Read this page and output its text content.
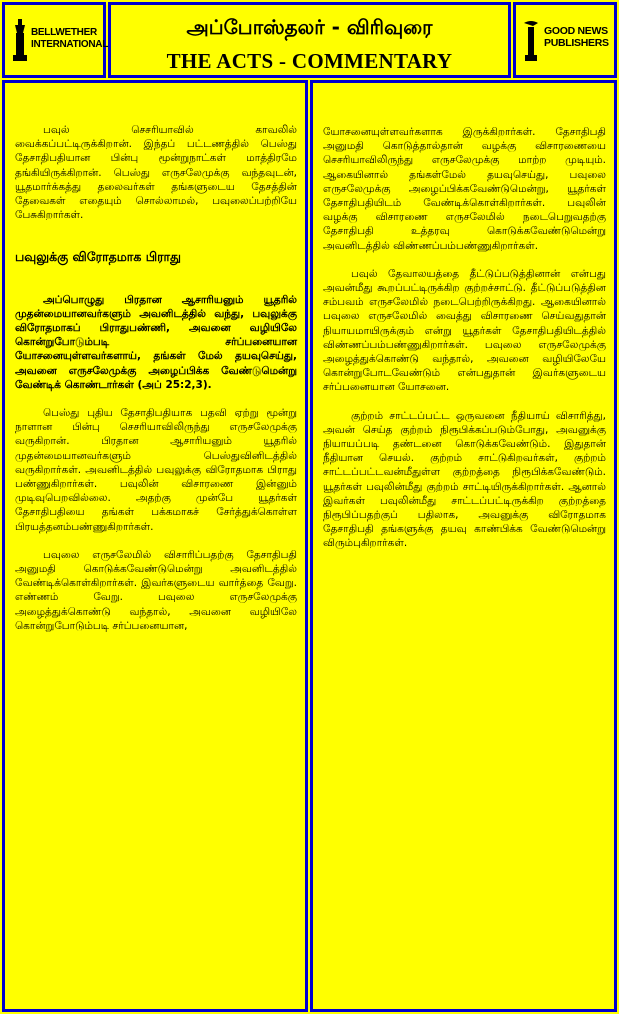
BELLWETHER
INTERNATIONAL
அப்போஸ்தலர் - விரிவுரை
THE ACTS - COMMENTARY
GOOD NEWS
PUBLISHERS

பவுல் செசரியாவில் காவலில் வைக்கப்பட்டிருக்கிறான். இந்தப் பட்டணத்தில் பெஸ்து தேசாதிபதியான பின்பு மூன்றுநாட்கள் மாத்திரமே தங்கியிருக்கிறான். பெஸ்து எருசலேமுக்கு வந்தவுடன், யூதமார்க்கத்து தலைவர்கள் தங்களுடைய தேசத்தின் தேவைகள் எதையும் சொல்லாமல், பவுலைப்பற்றியே பேசுகிறார்கள்.

பவுலுக்கு விரோதமாக பிராது

அப்பொழுது பிரதான ஆசாரியனும் யூதரில் முதன்மையானவர்களும் அவனிடத்தில் வந்து, பவுலுக்கு விரோதமாகப் பிராதுபண்ணி, அவனை வழியிலே கொன்றுபோடும்படி சர்ப்பனையான யோசனையுள்ளவர்களாய், தங்கள் மேல் தயவுசெய்து, அவனை எருசலேமுக்கு அழைப்பிக்க வேண்டுமென்று வேண்டிக் கொண்டார்கள் (அப் 25:2,3).

பெஸ்து புதிய தேசாதிபதியாக பதவி ஏற்று மூன்று நாளான பின்பு செசரியாவிலிருந்து எருசலேமுக்கு வருகிறான். பிரதான ஆசாரியனும் யூதரில் முதன்மையானவர்களும் பெஸ்துவினிடத்தில் வருகிறார்கள். அவனிடத்தில் பவுலுக்கு விரோதமாக பிராது பண்ணுகிறார்கள். பவுலின் விசாரணை இன்னும் முடிவுபெறவில்லை. அதற்கு முன்பே யூதர்கள் தேசாதிபதியை தங்கள் பக்கமாகச் சேர்த்துக்கொள்ள பிரயத்தனம்பண்ணுகிறார்கள்.

பவுலை எருசலேமில் விசாரிப்பதற்கு தேசாதிபதி அனுமதி கொடுக்கவேண்டுமென்று அவனிடத்தில் வேண்டிக்கொள்கிறார்கள். இவர்களுடைய வார்த்தை வேறு. எண்ணம் வேறு. பவுலை எருசலேமுக்கு அழைத்துக்கொண்டு வந்தால், அவனை வழியிலே கொன்றுபோடும்படி சர்ப்பனையான,

யோசனையுள்ளவர்களாக இருக்கிறார்கள். தேசாதிபதி அனுமதி கொடுத்தால்தான் வழக்கு விசாரணையை செசரியாவிலிருந்து எருசலேமுக்கு மாற்ற முடியும். ஆகையினால் தங்கள்மேல் தயவுசெய்து, பவுலை எருசலேமுக்கு அழைப்பிக்கவேண்டுமென்று, யூதர்கள் தேசாதிபதியிடம் வேண்டிக்கொள்கிறார்கள். பவுலின் வழக்கு விசாரணை எருசலேமில் நடைபெறுவதற்கு தேசாதிபதி உத்தரவு கொடுக்கவேண்டுமென்று அவனிடத்தில் விண்ணப்பம்பண்ணுகிறார்கள்.

பவுல் தேவாலயத்தை தீட்டுப்படுத்தினான் என்பது அவன்மீது கூறப்பட்டிருக்கிற குற்றச்சாட்டு. தீட்டுப்படுத்தின சம்பவம் எருசலேமில் நடைபெற்றிருக்கிறது. ஆகையினால் பவுலை எருசலேமில் வைத்து விசாரணை செய்வதுதான் நியாயமாயிருக்கும் என்று யூதர்கள் தேசாதிபதியிடத்தில் விண்ணப்பம்பண்ணுகிறார்கள். பவுலை எருசலேமுக்கு அழைத்துக்கொண்டு வந்தால், அவனை வழியிலேயே கொன்றுபோடவேண்டும் என்பதுதான் இவர்களுடைய சர்ப்பனையான யோசனை.

குற்றம் சாட்டப்பட்ட ஒருவனை நீதியாய் விசாரித்து, அவன் செய்த குற்றம் நிரூபிக்கப்படும்போது, அவனுக்கு நியாயப்படி தண்டனை கொடுக்கவேண்டும். இதுதான் நீதியான செயல். குற்றம் சாட்டுகிறவர்கள், குற்றம் சாட்டப்பட்டவன்மீதுள்ள குற்றத்தை நிரூபிக்கவேண்டும். யூதர்கள் பவுலின்மீது குற்றம் சாட்டியிருக்கிறார்கள். ஆனால் இவர்கள் பவுலின்மீது சாட்டப்பட்டிருக்கிற குற்றத்தை நிரூபிப்பதற்குப் பதிலாக, அவனுக்கு விரோதமாக தேசாதிபதி தங்களுக்கு தயவு காண்பிக்க வேண்டுமென்று விரும்புகிறார்கள்.
